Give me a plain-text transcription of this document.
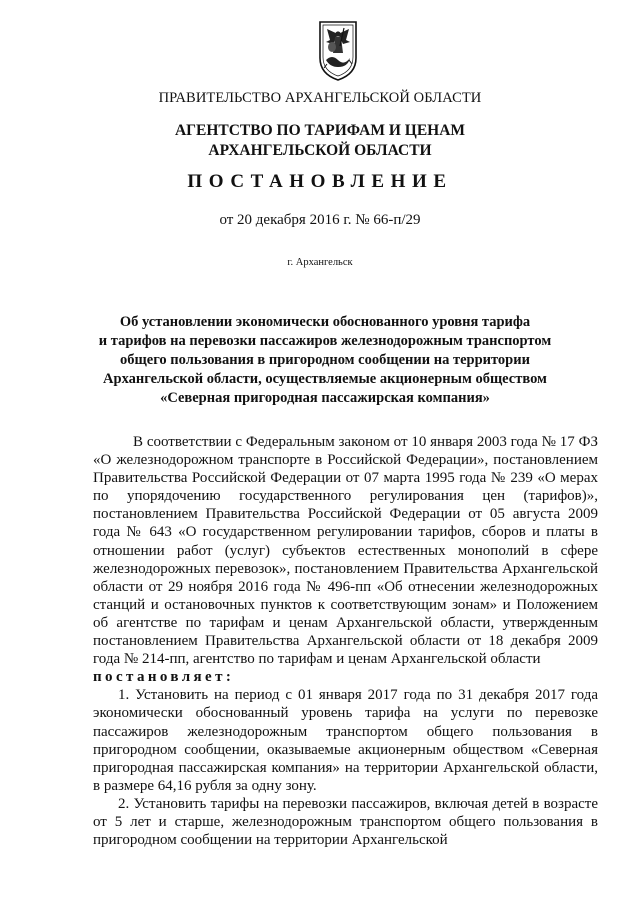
ПРАВИТЕЛЬСТВО АРХАНГЕЛЬСКОЙ ОБЛАСТИ
АГЕНТСТВО ПО ТАРИФАМ И ЦЕНАМ
АРХАНГЕЛЬСКОЙ ОБЛАСТИ
ПОСТАНОВЛЕНИЕ
от 20 декабря 2016 г. № 66-п/29
г. Архангельск
Об установлении экономически обоснованного уровня тарифа
и тарифов на перевозки пассажиров железнодорожным транспортом
общего пользования в пригородном сообщении на территории
Архангельской области, осуществляемые акционерным обществом
«Северная пригородная пассажирская компания»

В соответствии с Федеральным законом от 10 января 2003 года № 17 ФЗ «О железнодорожном транспорте в Российской Федерации», постановлением Правительства Российской Федерации от 07 марта 1995 года № 239 «О мерах по упорядочению государственного регулирования цен (тарифов)», постановлением Правительства Российской Федерации от 05 августа 2009 года № 643 «О государственном регулировании тарифов, сборов и платы в отношении работ (услуг) субъектов естественных монополий в сфере железнодорожных перевозок», постановлением Правительства Архангельской области от 29 ноября 2016 года № 496-пп «Об отнесении железнодорожных станций и остановочных пунктов к соответствующим зонам» и Положением об агентстве по тарифам и ценам Архангельской области, утвержденным постановлением Правительства Архангельской области от 18 декабря 2009 года № 214-пп, агентство по тарифам и ценам Архангельской области

постановляет:

1. Установить на период с 01 января 2017 года по 31 декабря 2017 года экономически обоснованный уровень тарифа на услуги по перевозке пассажиров железнодорожным транспортом общего пользования в пригородном сообщении, оказываемые акционерным обществом «Северная пригородная пассажирская компания» на территории Архангельской области, в размере 64,16 рубля за одну зону.

2. Установить тарифы на перевозки пассажиров, включая детей в возрасте от 5 лет и старше, железнодорожным транспортом общего пользования в пригородном сообщении на территории Архангельской
